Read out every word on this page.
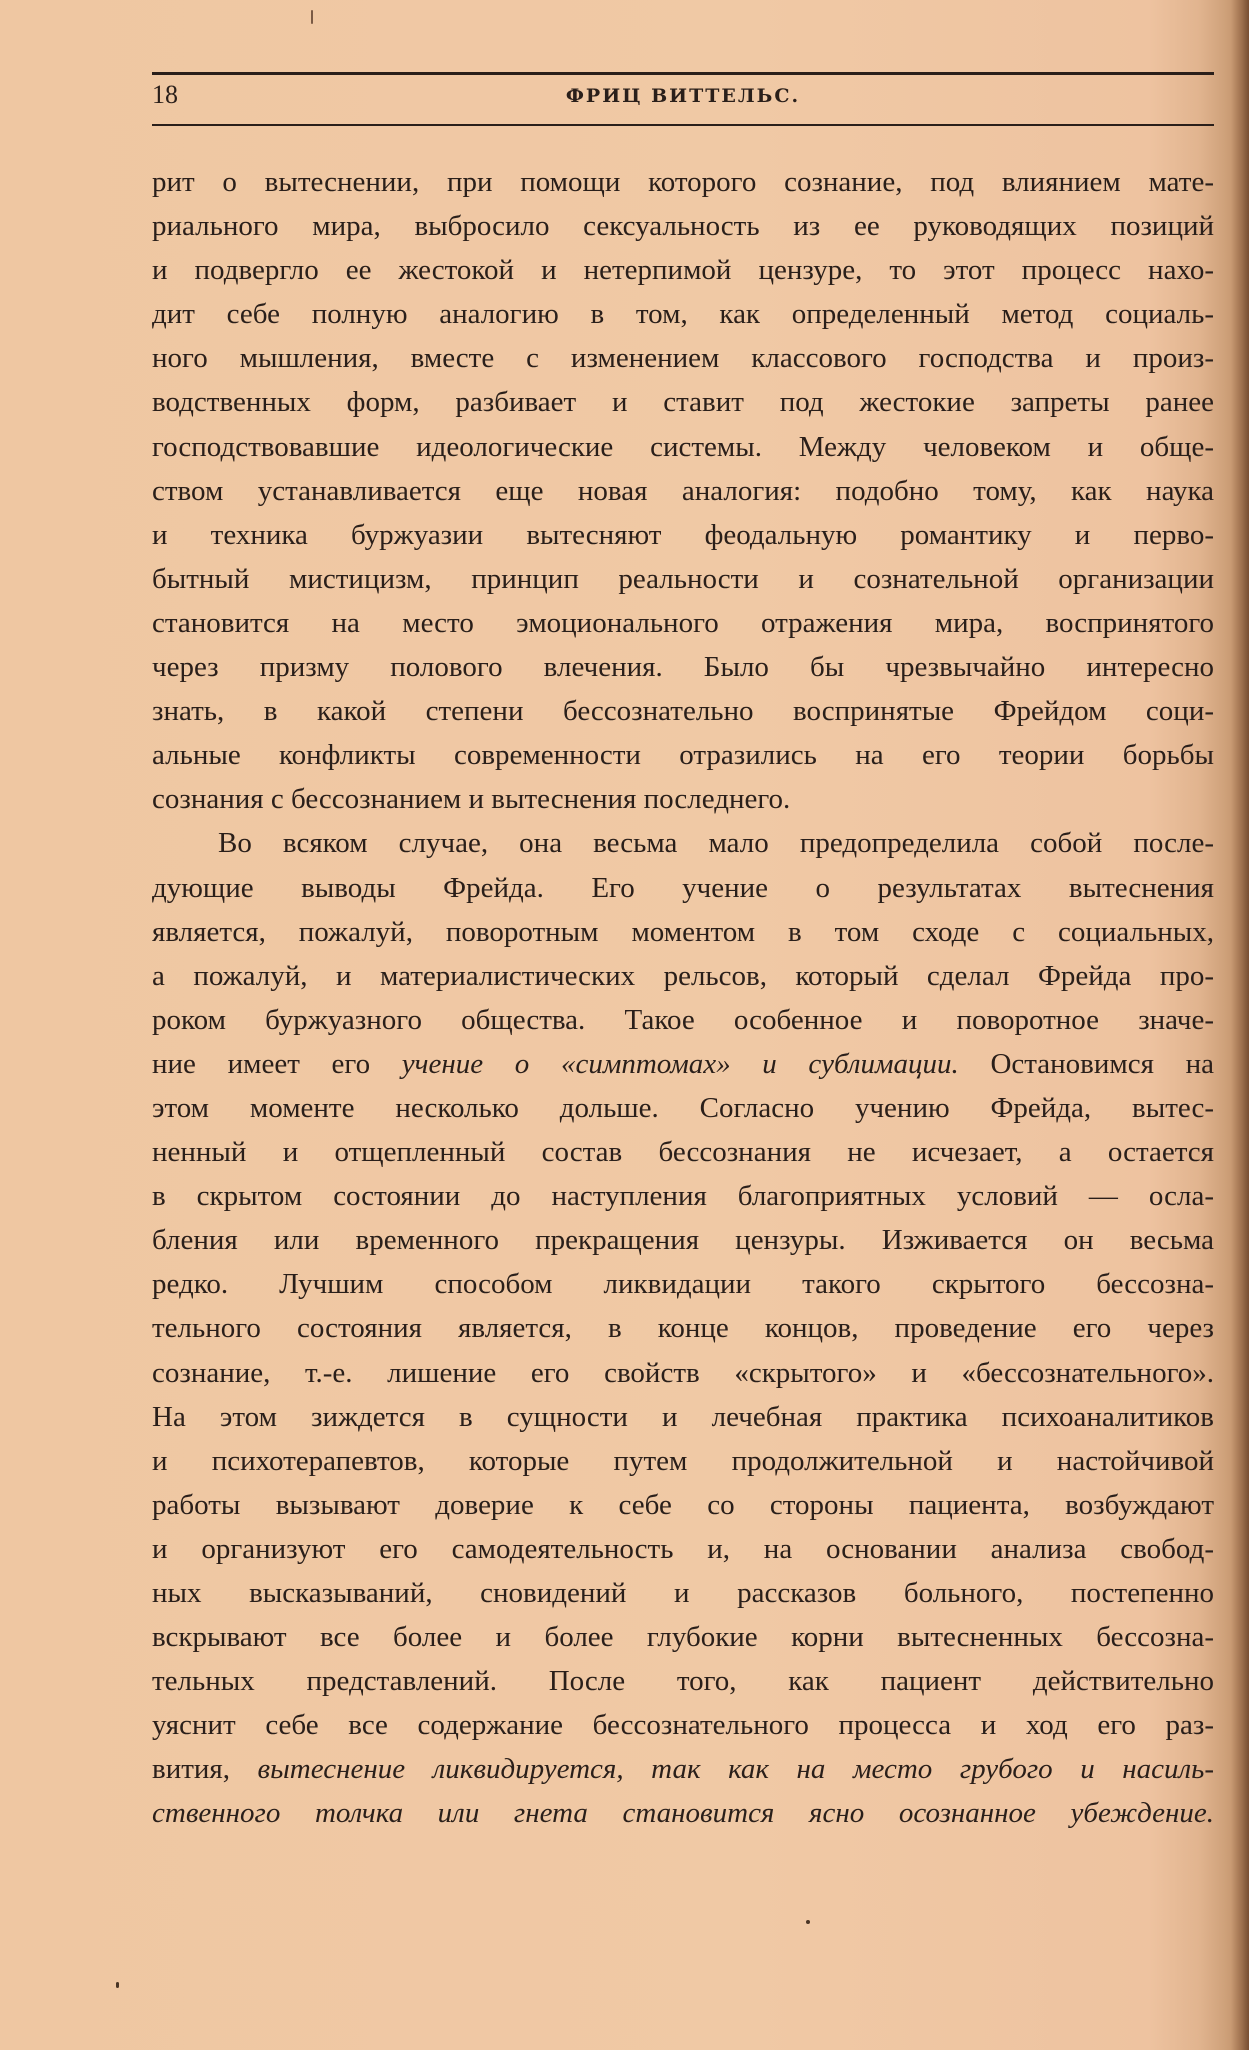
18	ФРИЦ ВИТТЕЛЬС.
рит о вытеснении, при помощи которого сознание, под влиянием мате-
риального мира, выбросило сексуальность из ее руководящих позиций
и подвергло ее жестокой и нетерпимой цензуре, то этот процесс нахо-
дит себе полную аналогию в том, как определенный метод социаль-
ного мышления, вместе с изменением классового господства и произ-
водственных форм, разбивает и ставит под жестокие запреты ранее
господствовавшие идеологические системы. Между человеком и обще-
ством устанавливается еще новая аналогия: подобно тому, как наука
и техника буржуазии вытесняют феодальную романтику и перво-
бытный мистицизм, принцип реальности и сознательной организации
становится на место эмоционального отражения мира, воспринятого
через призму полового влечения. Было бы чрезвычайно интересно
знать, в какой степени бессознательно воспринятые Фрейдом соци-
альные конфликты современности отразились на его теории борьбы
сознания с бессознанием и вытеснения последнего.
Во всяком случае, она весьма мало предопределила собой после-
дующие выводы Фрейда. Его учение о результатах вытеснения
является, пожалуй, поворотным моментом в том сходе с социальных,
а пожалуй, и материалистических рельсов, который сделал Фрейда про-
роком буржуазного общества. Такое особенное и поворотное значе-
ние имеет его учение о «симптомах» и сублимации. Остановимся на
этом моменте несколько дольше. Согласно учению Фрейда, вытес-
ненный и отщепленный состав бессознания не исчезает, а остается
в скрытом состоянии до наступления благоприятных условий — осла-
бления или временного прекращения цензуры. Изживается он весьма
редко. Лучшим способом ликвидации такого скрытого бессозна-
тельного состояния является, в конце концов, проведение его через
сознание, т.-е. лишение его свойств «скрытого» и «бессознательного».
На этом зиждется в сущности и лечебная практика психоаналитиков
и психотерапевтов, которые путем продолжительной и настойчивой
работы вызывают доверие к себе со стороны пациента, возбуждают
и организуют его самодеятельность и, на основании анализа свобод-
ных высказываний, сновидений и рассказов больного, постепенно
вскрывают все более и более глубокие корни вытесненных бессозна-
тельных представлений. После того, как пациент действительно
уяснит себе все содержание бессознательного процесса и ход его раз-
вития, вытеснение ликвидируется, так как на место грубого и насиль-
ственного толчка или гнета становится ясно осознанное убеждение.
